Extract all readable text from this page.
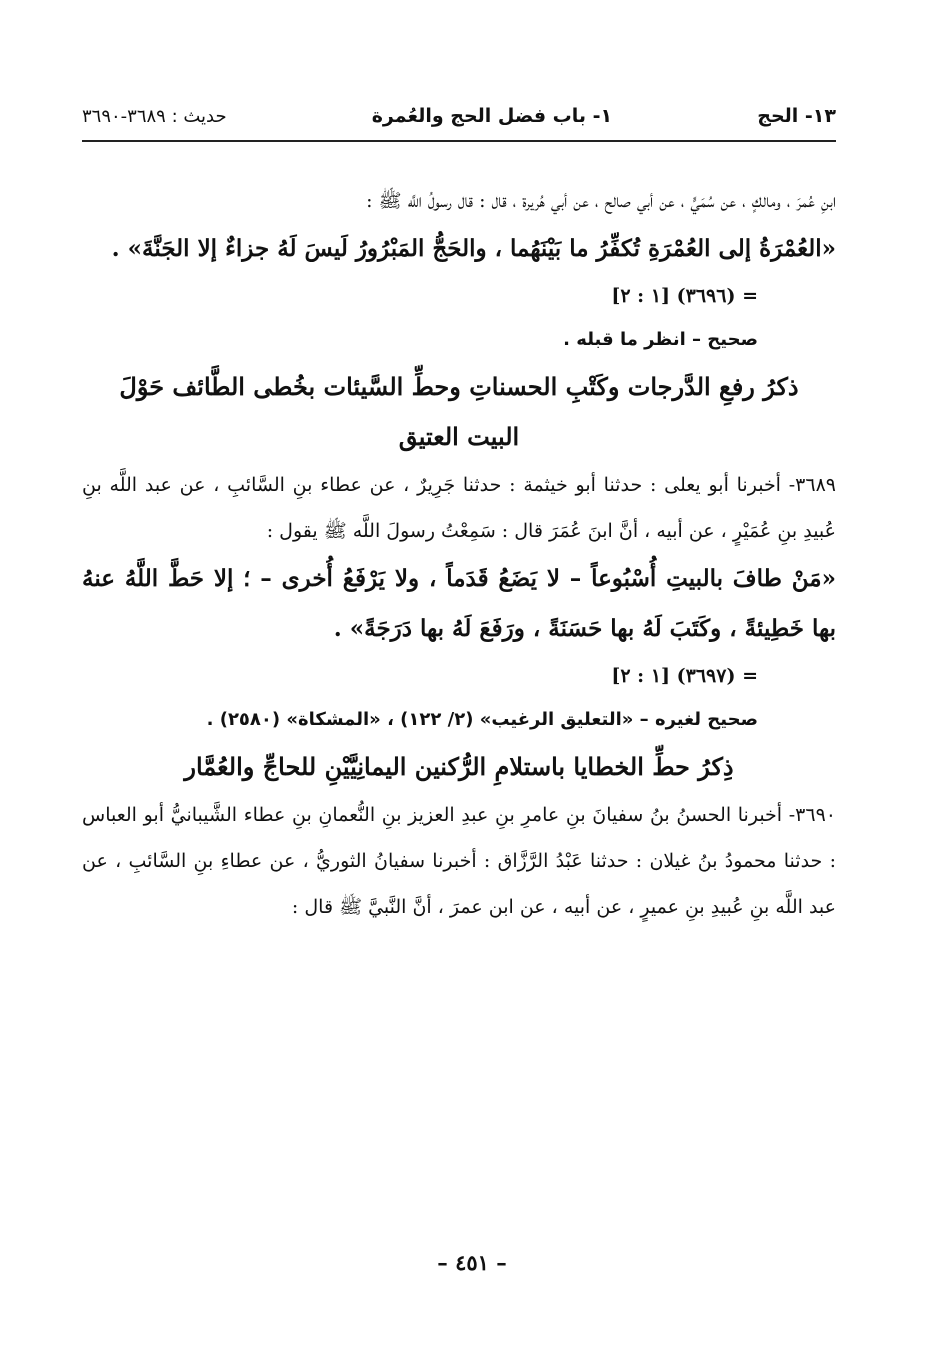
١٣- الحج
١- باب فضل الحج والعُمرة
حديث : ٣٦٨٩-٣٦٩٠

ابنِ عُمرَ ، ومالكٍ ، عن سُمَيٍّ ، عن أبي صالح ، عن أبي هُريرة ، قال : قال رسولُ اللَّه ﷺ :

«العُمْرَةُ إلى العُمْرَةِ تُكفِّرُ ما بَيْنَهُما ، والحَجُّ المَبْرُورُ لَيسَ لَهُ جزاءٌ إلا الجَنَّةَ» .

= (٣٦٩٦) [١ : ٢]

صحيح – انظر ما قبله .

ذكرُ رفعِ الدَّرجات وكَتْبِ الحسناتِ وحطِّ السَّيئات بخُطى الطَّائف حَوْلَ البيت العتيق

٣٦٨٩- أخبرنا أبو يعلى : حدثنا أبو خيثمة : حدثنا جَرِيرٌ ، عن عطاء بنِ السَّائبِ ، عن عبد اللَّه بنِ عُبيدِ بنِ عُمَيْرٍ ، عن أبيه ، أنَّ ابنَ عُمَرَ قال : سَمِعْتُ رسولَ اللَّه ﷺ يقول :

«مَنْ طافَ بالبيتِ أُسْبُوعاً – لا يَضَعُ قَدَماً ، ولا يَرْفَعُ أُخرى – ؛ إلا حَطَّ اللَّهُ عنهُ بها خَطِيئةً ، وكَتَبَ لَهُ بها حَسَنَةً ، ورَفَعَ لَهُ بها دَرَجَةً» .

= (٣٦٩٧) [١ : ٢]

صحيح لغيره – «التعليق الرغيب» (٢/ ١٢٢) ، «المشكاة» (٢٥٨٠) .

ذِكرُ حطِّ الخطايا باستلامِ الرُّكنين اليمانِيَّيْنِ للحاجِّ والعُمَّار

٣٦٩٠- أخبرنا الحسنُ بنُ سفيانَ بنِ عامرِ بنِ عبدِ العزيز بنِ النُّعمانِ بنِ عطاء الشَّيبانيُّ أبو العباس : حدثنا محمودُ بنُ غيلان : حدثنا عَبْدُ الرَّزَّاق : أخبرنا سفيانُ الثوريُّ ، عن عطاءِ بنِ السَّائبِ ، عن عبد اللَّه بنِ عُبيدِ بنِ عميرٍ ، عن أبيه ، عن ابن عمرَ ، أنَّ النَّبيَّ ﷺ قال :

– ٤٥١ –
